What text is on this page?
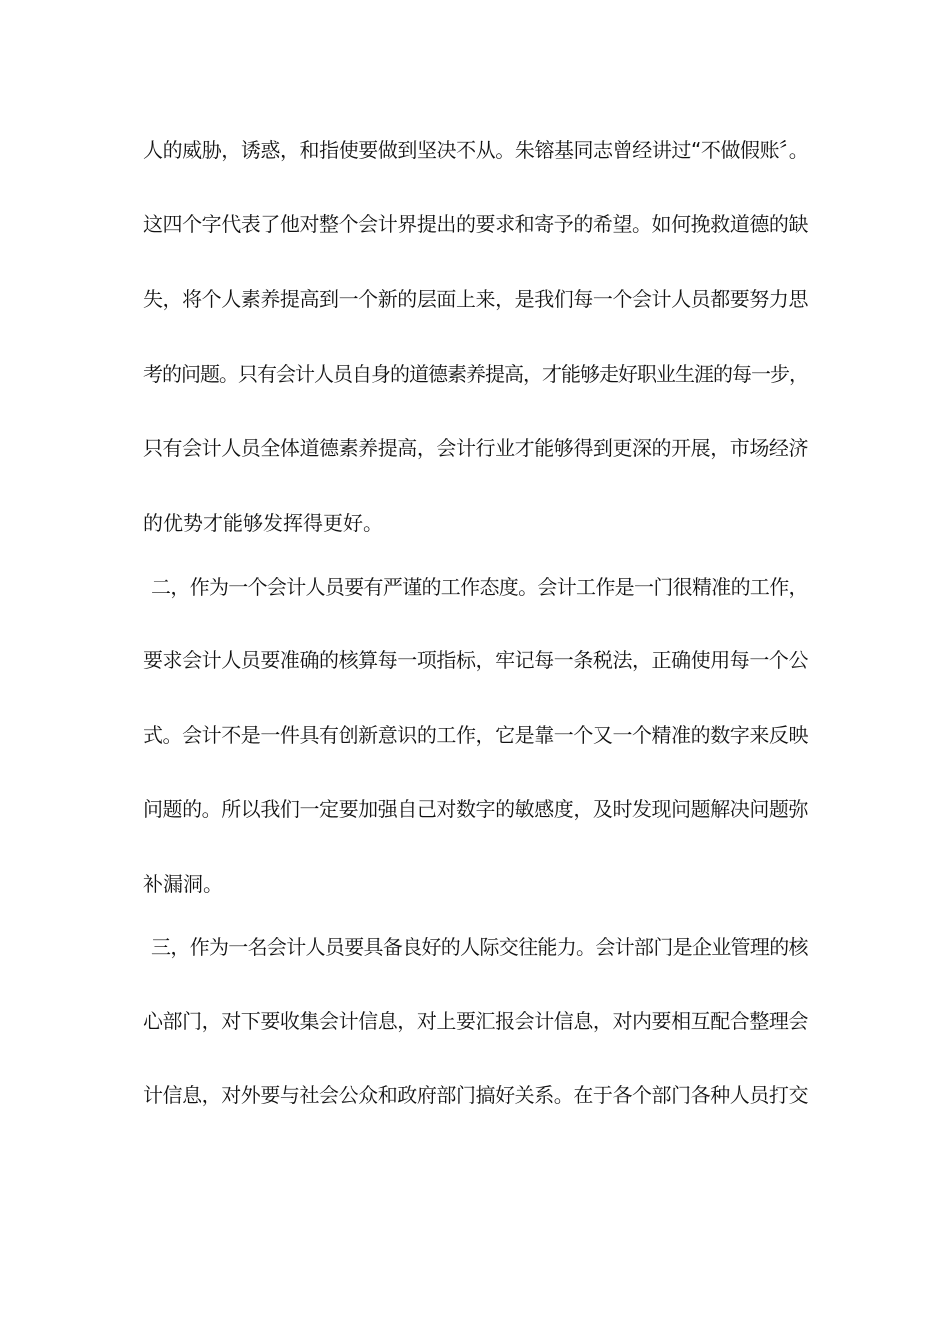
人的威胁，诱惑，和指使要做到坚决不从。朱镕基同志曾经讲过“不做假账〞。
这四个字代表了他对整个会计界提出的要求和寄予的希望。如何挽救道德的缺
失，将个人素养提高到一个新的层面上来，是我们每一个会计人员都要努力思
考的问题。只有会计人员自身的道德素养提高，才能够走好职业生涯的每一步，
只有会计人员全体道德素养提高，会计行业才能够得到更深的开展，市场经济
的优势才能够发挥得更好。
二，作为一个会计人员要有严谨的工作态度。会计工作是一门很精准的工作，
要求会计人员要准确的核算每一项指标，牢记每一条税法，正确使用每一个公
式。会计不是一件具有创新意识的工作，它是靠一个又一个精准的数字来反映
问题的。所以我们一定要加强自己对数字的敏感度，及时发现问题解决问题弥
补漏洞。
三，作为一名会计人员要具备良好的人际交往能力。会计部门是企业管理的核
心部门，对下要收集会计信息，对上要汇报会计信息，对内要相互配合整理会
计信息，对外要与社会公众和政府部门搞好关系。在于各个部门各种人员打交
